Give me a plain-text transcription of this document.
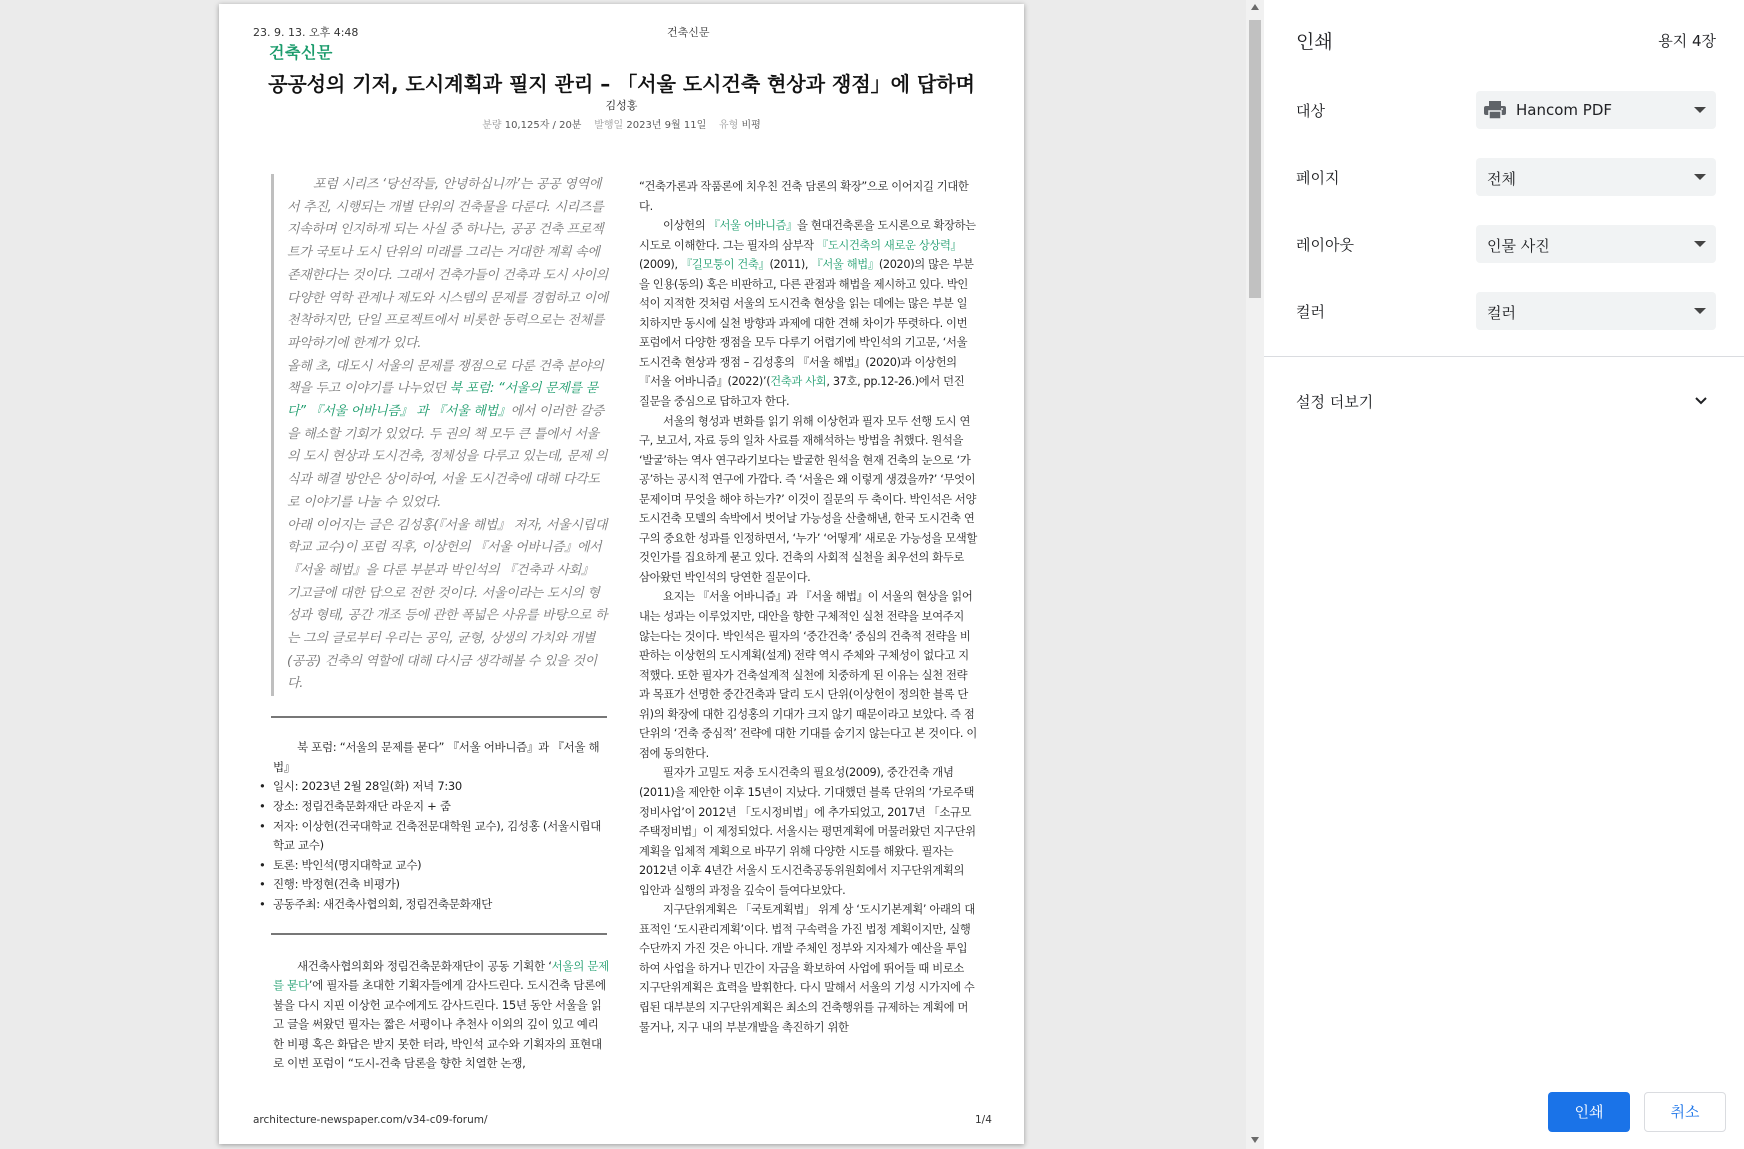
23. 9. 13. 오후 4:48	건축신문
건축신문
공공성의 기저, 도시계획과 필지 관리 – 「서울 도시건축 현상과 쟁점」에 답하며
김성홍
분량 10,125자 / 20분 발행일 2023년 9월 11일 유형 비평

포럼 시리즈 ‘당선작들, 안녕하십니까’는 공공 영역에서 추진, 시행되는 개별 단위의 건축물을 다룬다. 시리즈를 지속하며 인지하게 되는 사실 중 하나는, 공공 건축 프로젝트가 국토나 도시 단위의 미래를 그리는 거대한 계획 속에 존재한다는 것이다. 그래서 건축가들이 건축과 도시 사이의 다양한 역학 관계나 제도와 시스템의 문제를 경험하고 이에 천착하지만, 단일 프로젝트에서 비롯한 동력으로는 전체를 파악하기에 한계가 있다.

올해 초, 대도시 서울의 문제를 쟁점으로 다룬 건축 분야의 책을 두고 이야기를 나누었던 북 포럼: “서울의 문제를 묻다” 『서울 어바니즘』 과 『서울 해법』에서 이러한 갈증을 해소할 기회가 있었다. 두 권의 책 모두 큰 틀에서 서울의 도시 현상과 도시건축, 정체성을 다루고 있는데, 문제 의식과 해결 방안은 상이하여, 서울 도시건축에 대해 다각도로 이야기를 나눌 수 있었다.

아래 이어지는 글은 김성홍(『서울 해법』 저자, 서울시립대학교 교수)이 포럼 직후, 이상헌의 『서울 어바니즘』에서 『서울 해법』을 다룬 부분과 박인석의 『건축과 사회』 기고글에 대한 답으로 전한 것이다. 서울이라는 도시의 형성과 형태, 공간 개조 등에 관한 폭넓은 사유를 바탕으로 하는 그의 글로부터 우리는 공익, 균형, 상생의 가치와 개별 (공공) 건축의 역할에 대해 다시금 생각해볼 수 있을 것이다.

북 포럼: “서울의 문제를 묻다” 『서울 어바니즘』과 『서울 해법』

• 일시: 2023년 2월 28일(화) 저녁 7:30
• 장소: 정림건축문화재단 라운지 + 줌
• 저자: 이상헌(건국대학교 건축전문대학원 교수), 김성홍 (서울시립대학교 교수)
• 토론: 박인석(명지대학교 교수)
• 진행: 박정현(건축 비평가)
• 공동주최: 새건축사협의회, 정림건축문화재단
새건축사협의회와 정림건축문화재단이 공동 기획한 ‘서울의 문제를 묻다’에 필자를 초대한 기획자들에게 감사드린다. 도시건축 담론에 불을 다시 지핀 이상헌 교수에게도 감사드린다. 15년 동안 서울을 읽고 글을 써왔던 필자는 짧은 서평이나 추천사 이외의 깊이 있고 예리한 비평 혹은 화답은 받지 못한 터라, 박인석 교수와 기획자의 표현대로 이번 포럼이 “도시-건축 담론을 향한 치열한 논쟁,

“건축가론과 작품론에 치우친 건축 담론의 확장”으로 이어지길 기대한다.

이상헌의 『서울 어바니즘』을 현대건축론을 도시론으로 확장하는 시도로 이해한다. 그는 필자의 삼부작 『도시건축의 새로운 상상력』(2009), 『길모퉁이 건축』(2011), 『서울 해법』(2020)의 많은 부분을 인용(동의) 혹은 비판하고, 다른 관점과 해법을 제시하고 있다. 박인석이 지적한 것처럼 서울의 도시건축 현상을 읽는 데에는 많은 부분 일치하지만 동시에 실천 방향과 과제에 대한 견해 차이가 뚜렷하다. 이번 포럼에서 다양한 쟁점을 모두 다루기 어렵기에 박인석의 기고문, ‘서울 도시건축 현상과 쟁점 – 김성홍의 『서울 해법』(2020)과 이상헌의 『서울 어바니즘』(2022)’(건축과 사회, 37호, pp.12-26.)에서 던진 질문을 중심으로 답하고자 한다.

서울의 형성과 변화를 읽기 위해 이상헌과 필자 모두 선행 도시 연구, 보고서, 자료 등의 일차 사료를 재해석하는 방법을 취했다. 원석을 ‘발굴’하는 역사 연구라기보다는 발굴한 원석을 현재 건축의 눈으로 ‘가공’하는 공시적 연구에 가깝다. 즉 ‘서울은 왜 이렇게 생겼을까?’ ‘무엇이 문제이며 무엇을 해야 하는가?’ 이것이 질문의 두 축이다. 박인석은 서양 도시건축 모델의 속박에서 벗어날 가능성을 산출해낸, 한국 도시건축 연구의 중요한 성과를 인정하면서, ‘누가’ ‘어떻게’ 새로운 가능성을 모색할 것인가를 집요하게 묻고 있다. 건축의 사회적 실천을 최우선의 화두로 삼아왔던 박인석의 당연한 질문이다.

요지는 『서울 어바니즘』과 『서울 해법』이 서울의 현상을 읽어내는 성과는 이루었지만, 대안을 향한 구체적인 실천 전략을 보여주지 않는다는 것이다. 박인석은 필자의 ‘중간건축’ 중심의 건축적 전략을 비판하는 이상헌의 도시계획(설계) 전략 역시 주체와 구체성이 없다고 지적했다. 또한 필자가 건축설계적 실천에 치중하게 된 이유는 실천 전략과 목표가 선명한 중간건축과 달리 도시 단위(이상헌이 정의한 블록 단위)의 확장에 대한 김성홍의 기대가 크지 않기 때문이라고 보았다. 즉 점 단위의 ‘건축 중심적’ 전략에 대한 기대를 숨기지 않는다고 본 것이다. 이 점에 동의한다.

필자가 고밀도 저층 도시건축의 필요성(2009), 중간건축 개념(2011)을 제안한 이후 15년이 지났다. 기대했던 블록 단위의 ‘가로주택정비사업’이 2012년 「도시정비법」에 추가되었고, 2017년 「소규모주택정비법」이 제정되었다. 서울시는 평면계획에 머물러왔던 지구단위계획을 입체적 계획으로 바꾸기 위해 다양한 시도를 해왔다. 필자는 2012년 이후 4년간 서울시 도시건축공동위원회에서 지구단위계획의 입안과 실행의 과정을 깊숙이 들여다보았다.

지구단위계획은 「국토계획법」 위계 상 ‘도시기본계획’ 아래의 대표적인 ‘도시관리계획’이다. 법적 구속력을 가진 법정 계획이지만, 실행 수단까지 가진 것은 아니다. 개발 주체인 정부와 지자체가 예산을 투입하여 사업을 하거나 민간이 자금을 확보하여 사업에 뛰어들 때 비로소 지구단위계획은 효력을 발휘한다. 다시 말해서 서울의 기성 시가지에 수립된 대부분의 지구단위계획은 최소의 건축행위를 규제하는 계획에 머물거나, 지구 내의 부분개발을 촉진하기 위한

architecture-newspaper.com/v34-c09-forum/	1/4
인쇄	용지 4장
대상	Hancom PDF
페이지	전체
레이아웃	인물 사진
컬러	컬러
설정 더보기
인쇄	취소
